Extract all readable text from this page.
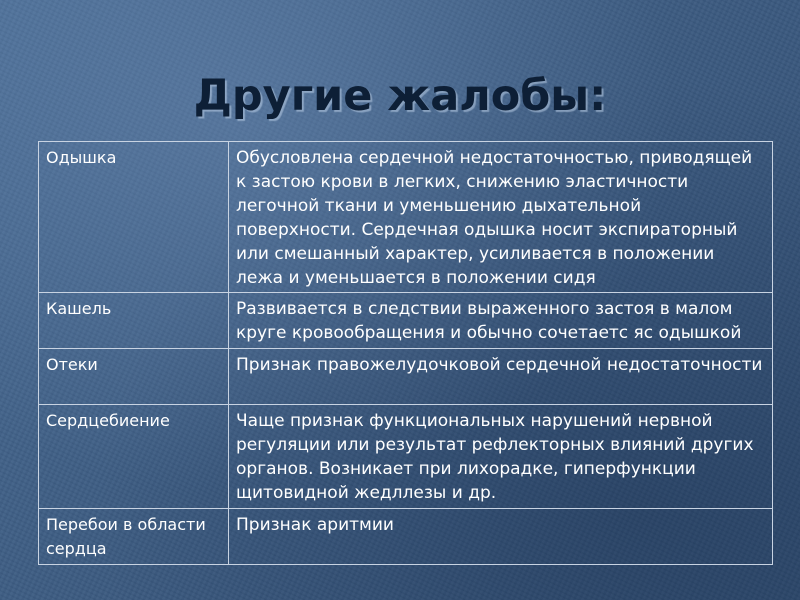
Другие жалобы:
Одышка	Обусловлена сердечной недостаточностью, приводящей к застою крови в легких, снижению эластичности легочной ткани и уменьшению дыхательной поверхности. Сердечная одышка носит экспираторный или смешанный характер, усиливается в положении лежа и уменьшается в положении сидя
Кашель	Развивается в следствии выраженного застоя в малом круге кровообращения и обычно сочетаетс яс одышкой
Отеки	Признак правожелудочковой сердечной недостаточности
Сердцебиение	Чаще признак функциональных нарушений нервной регуляции или результат рефлекторных влияний других органов. Возникает при лихорадке, гиперфункции щитовидной жедллезы и др.
Перебои в области сердца	Признак аритмии
